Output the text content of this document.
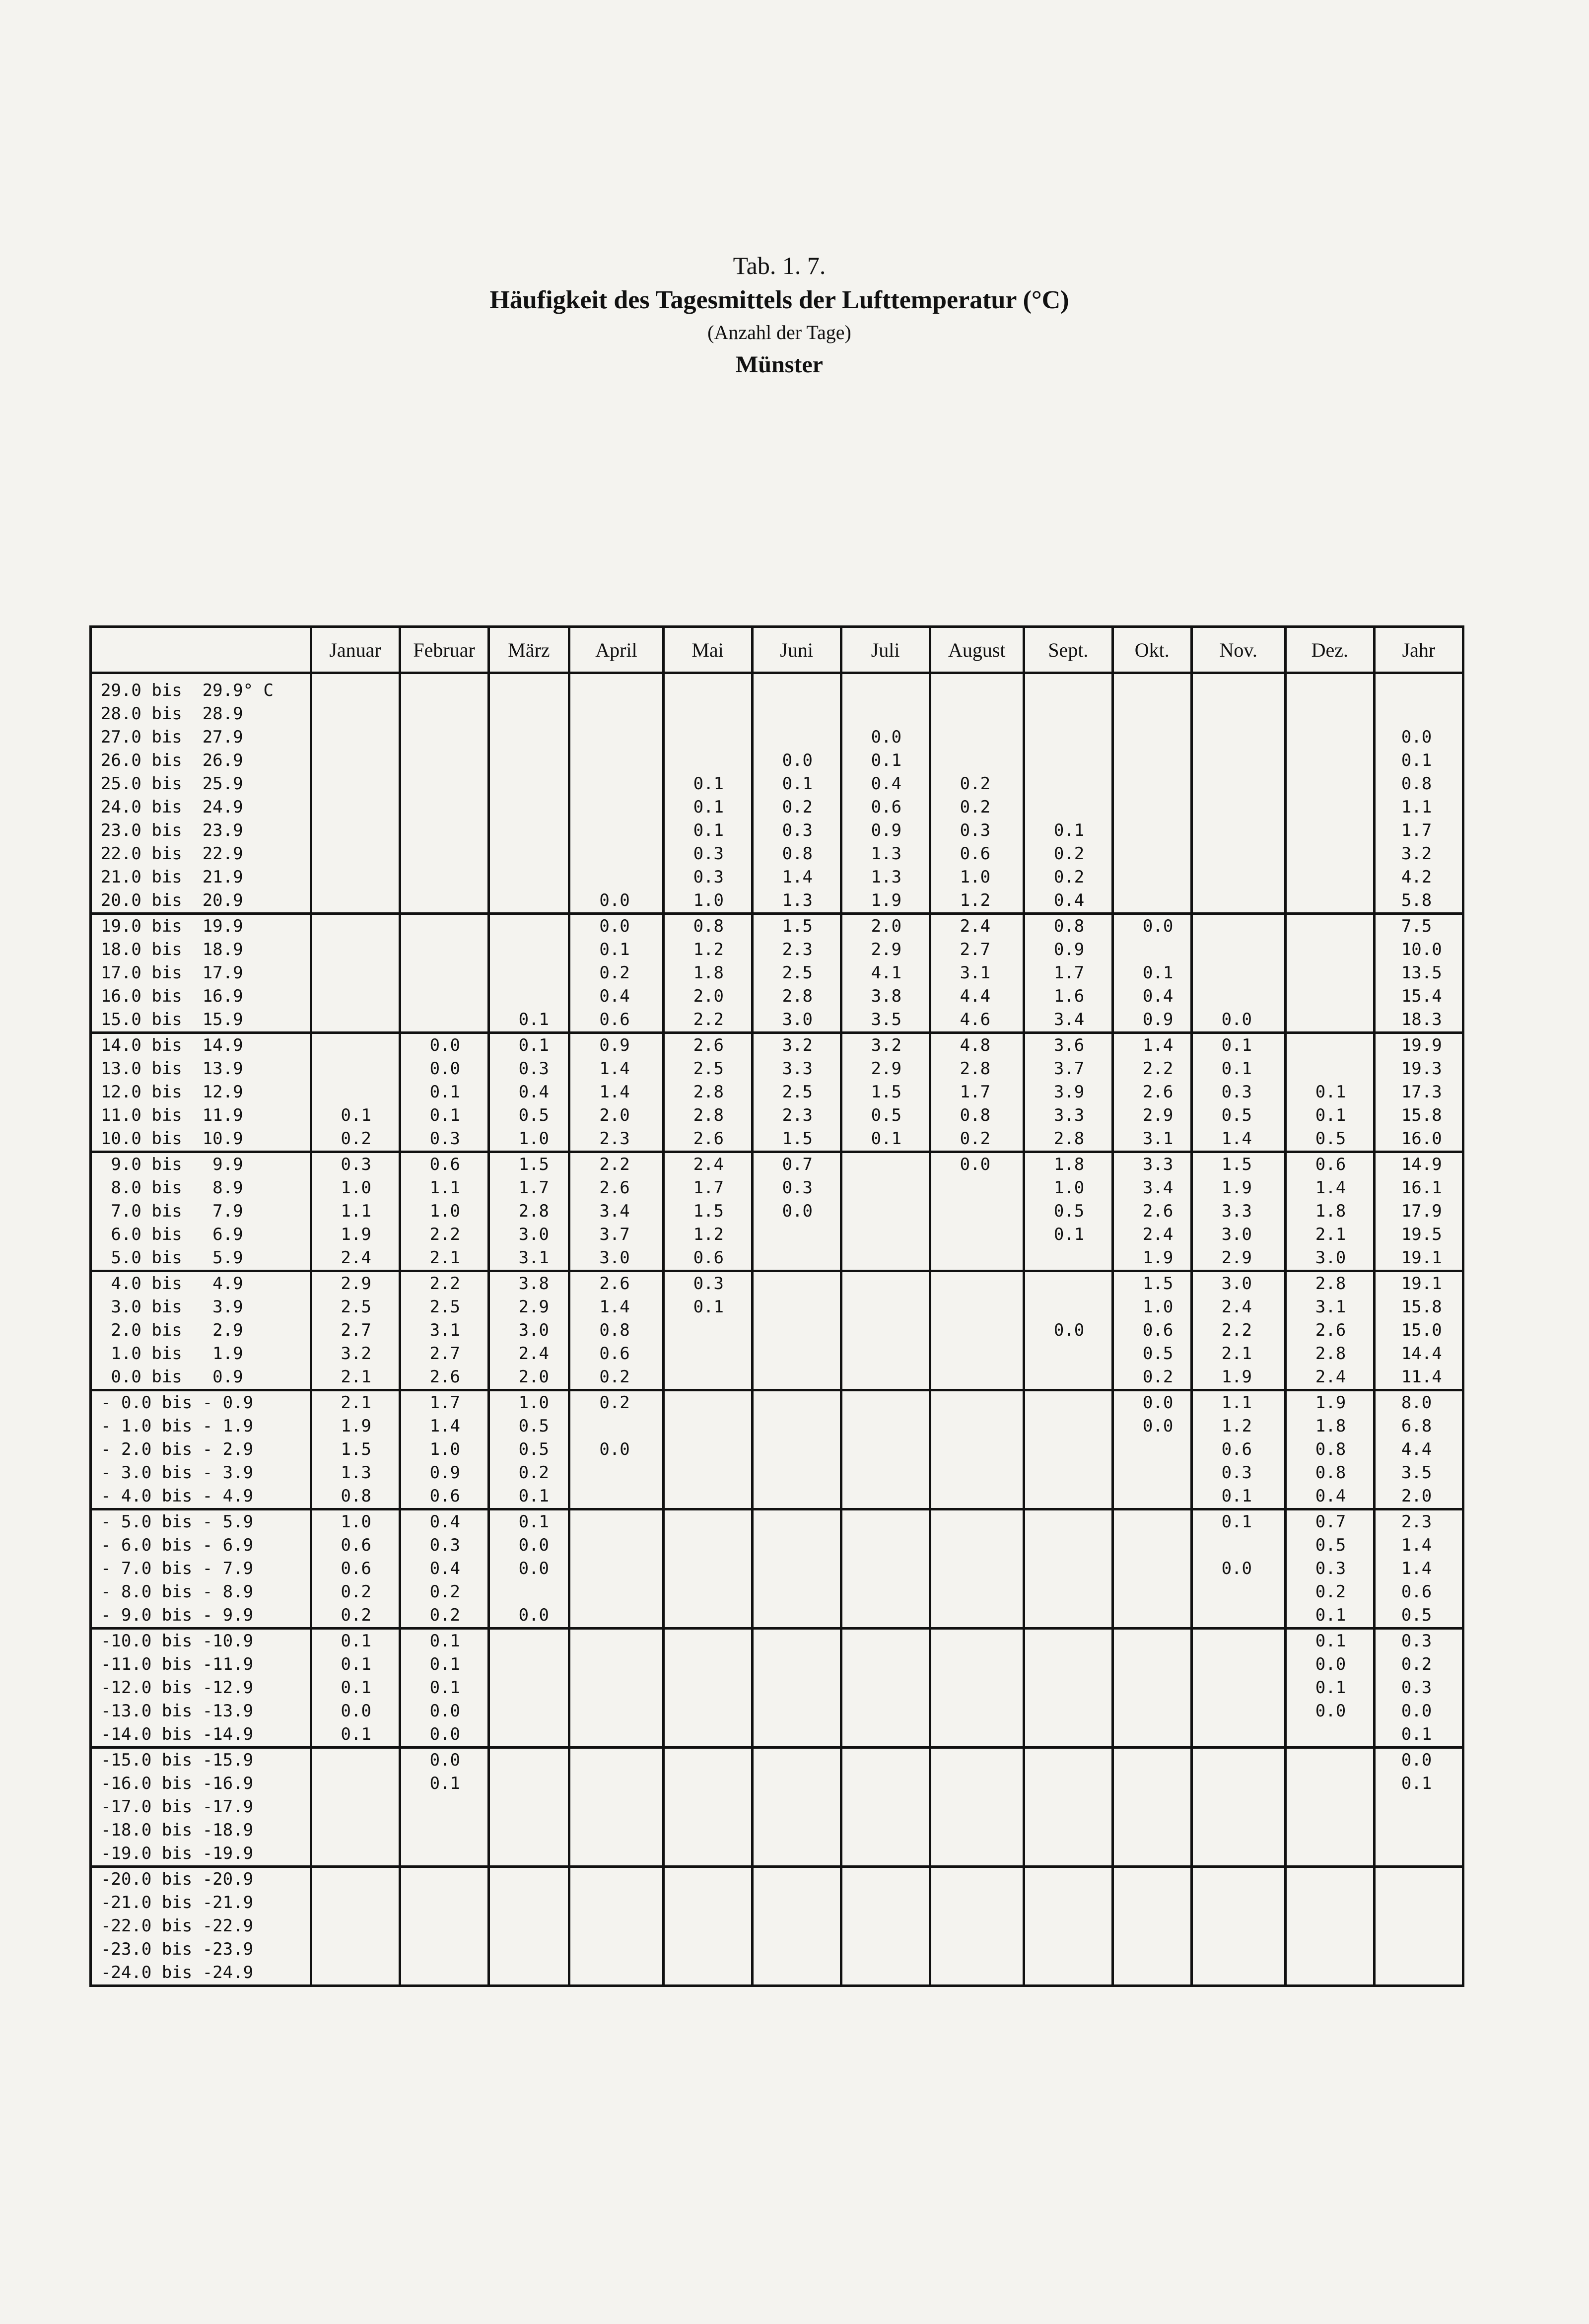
Tab. 1. 7.
Häufigkeit des Tagesmittels der Lufttemperatur (°C)
(Anzahl der Tage)
Münster
	Januar	Februar	März	April	Mai	Juni	Juli	August	Sept.	Okt.	Nov.	Dez.	Jahr
29.0 bis  29.9° C													
28.0 bis  28.9													
27.0 bis  27.9							0.0						0.0
26.0 bis  26.9						0.0	0.1						0.1
25.0 bis  25.9					0.1	0.1	0.4	0.2					0.8
24.0 bis  24.9					0.1	0.2	0.6	0.2					1.1
23.0 bis  23.9					0.1	0.3	0.9	0.3	0.1				1.7
22.0 bis  22.9					0.3	0.8	1.3	0.6	0.2				3.2
21.0 bis  21.9					0.3	1.4	1.3	1.0	0.2				4.2
20.0 bis  20.9				0.0	1.0	1.3	1.9	1.2	0.4				5.8
19.0 bis  19.9				0.0	0.8	1.5	2.0	2.4	0.8	0.0			7.5
18.0 bis  18.9				0.1	1.2	2.3	2.9	2.7	0.9				10.0
17.0 bis  17.9				0.2	1.8	2.5	4.1	3.1	1.7	0.1			13.5
16.0 bis  16.9				0.4	2.0	2.8	3.8	4.4	1.6	0.4			15.4
15.0 bis  15.9			0.1	0.6	2.2	3.0	3.5	4.6	3.4	0.9	0.0		18.3
14.0 bis  14.9		0.0	0.1	0.9	2.6	3.2	3.2	4.8	3.6	1.4	0.1		19.9
13.0 bis  13.9		0.0	0.3	1.4	2.5	3.3	2.9	2.8	3.7	2.2	0.1		19.3
12.0 bis  12.9		0.1	0.4	1.4	2.8	2.5	1.5	1.7	3.9	2.6	0.3	0.1	17.3
11.0 bis  11.9	0.1	0.1	0.5	2.0	2.8	2.3	0.5	0.8	3.3	2.9	0.5	0.1	15.8
10.0 bis  10.9	0.2	0.3	1.0	2.3	2.6	1.5	0.1	0.2	2.8	3.1	1.4	0.5	16.0
9.0 bis   9.9	0.3	0.6	1.5	2.2	2.4	0.7		0.0	1.8	3.3	1.5	0.6	14.9
8.0 bis   8.9	1.0	1.1	1.7	2.6	1.7	0.3			1.0	3.4	1.9	1.4	16.1
7.0 bis   7.9	1.1	1.0	2.8	3.4	1.5	0.0			0.5	2.6	3.3	1.8	17.9
6.0 bis   6.9	1.9	2.2	3.0	3.7	1.2				0.1	2.4	3.0	2.1	19.5
5.0 bis   5.9	2.4	2.1	3.1	3.0	0.6					1.9	2.9	3.0	19.1
4.0 bis   4.9	2.9	2.2	3.8	2.6	0.3					1.5	3.0	2.8	19.1
3.0 bis   3.9	2.5	2.5	2.9	1.4	0.1					1.0	2.4	3.1	15.8
2.0 bis   2.9	2.7	3.1	3.0	0.8					0.0	0.6	2.2	2.6	15.0
1.0 bis   1.9	3.2	2.7	2.4	0.6						0.5	2.1	2.8	14.4
0.0 bis   0.9	2.1	2.6	2.0	0.2						0.2	1.9	2.4	11.4
- 0.0 bis - 0.9	2.1	1.7	1.0	0.2						0.0	1.1	1.9	8.0
- 1.0 bis - 1.9	1.9	1.4	0.5							0.0	1.2	1.8	6.8
- 2.0 bis - 2.9	1.5	1.0	0.5	0.0							0.6	0.8	4.4
- 3.0 bis - 3.9	1.3	0.9	0.2								0.3	0.8	3.5
- 4.0 bis - 4.9	0.8	0.6	0.1								0.1	0.4	2.0
- 5.0 bis - 5.9	1.0	0.4	0.1								0.1	0.7	2.3
- 6.0 bis - 6.9	0.6	0.3	0.0									0.5	1.4
- 7.0 bis - 7.9	0.6	0.4	0.0								0.0	0.3	1.4
- 8.0 bis - 8.9	0.2	0.2										0.2	0.6
- 9.0 bis - 9.9	0.2	0.2	0.0									0.1	0.5
-10.0 bis -10.9	0.1	0.1										0.1	0.3
-11.0 bis -11.9	0.1	0.1										0.0	0.2
-12.0 bis -12.9	0.1	0.1										0.1	0.3
-13.0 bis -13.9	0.0	0.0										0.0	0.0
-14.0 bis -14.9	0.1	0.0											0.1
-15.0 bis -15.9		0.0											0.0
-16.0 bis -16.9		0.1											0.1
-17.0 bis -17.9													
-18.0 bis -18.9													
-19.0 bis -19.9													
-20.0 bis -20.9													
-21.0 bis -21.9													
-22.0 bis -22.9													
-23.0 bis -23.9													
-24.0 bis -24.9													
